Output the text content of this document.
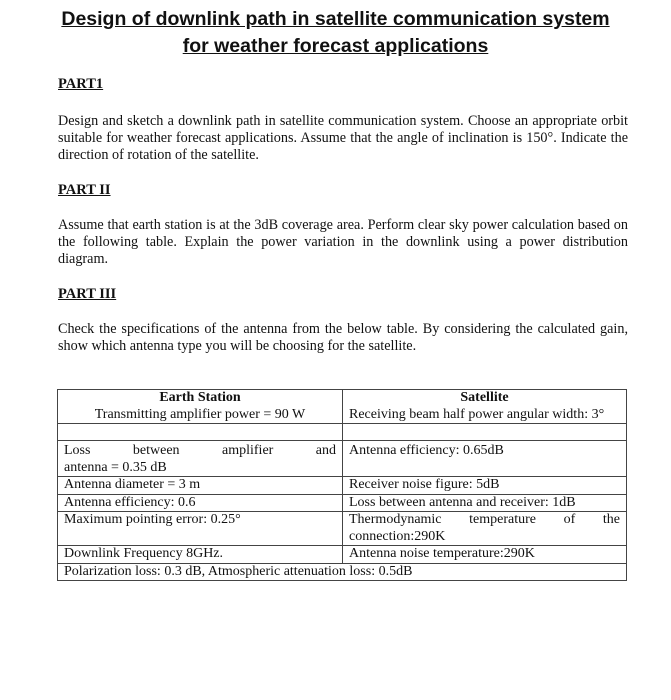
Design of downlink path in satellite communication system
for weather forecast applications
PART1
Design and sketch a downlink path in satellite communication system. Choose an appropriate orbit suitable for weather forecast applications. Assume that the angle of inclination is 150°. Indicate the direction of rotation of the satellite.
PART II
Assume that earth station is at the 3dB coverage area. Perform clear sky power calculation based on the following table. Explain the power variation in the downlink using a power distribution diagram.
PART III
Check the specifications of the antenna from the below table. By considering the calculated gain, show which antenna type you will be choosing for the satellite.
Earth Station	Satellite
Transmitting amplifier power = 90 W	Receiving beam half power angular width: 3°

Loss between amplifier and
antenna = 0.35 dB	Antenna efficiency: 0.65dB
Antenna diameter = 3 m	Receiver noise figure: 5dB
Antenna efficiency: 0.6	Loss between antenna and receiver: 1dB
Maximum pointing error: 0.25°	Thermodynamic temperature of the
connection:290K
Downlink Frequency 8GHz.	Antenna noise temperature:290K
Polarization loss: 0.3 dB, Atmospheric attenuation loss: 0.5dB	
